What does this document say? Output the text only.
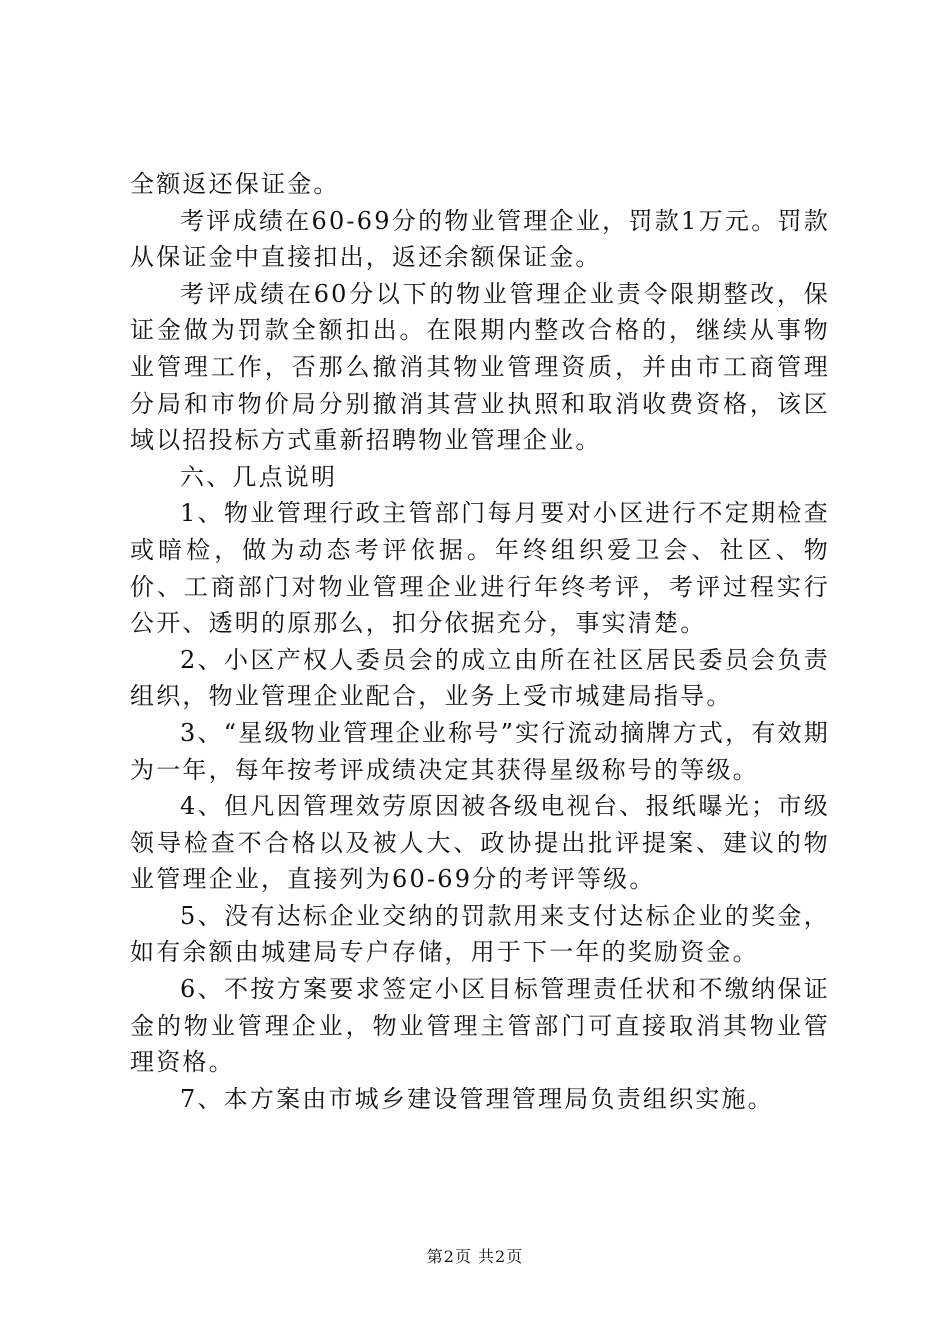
全额返还保证金。

考评成绩在60-69分的物业管理企业，罚款1万元。罚款从保证金中直接扣出，返还余额保证金。

考评成绩在60分以下的物业管理企业责令限期整改，保证金做为罚款全额扣出。在限期内整改合格的，继续从事物业管理工作，否那么撤消其物业管理资质，并由市工商管理分局和市物价局分别撤消其营业执照和取消收费资格，该区域以招投标方式重新招聘物业管理企业。

六、几点说明

1、物业管理行政主管部门每月要对小区进行不定期检查或暗检，做为动态考评依据。年终组织爱卫会、社区、物价、工商部门对物业管理企业进行年终考评，考评过程实行公开、透明的原那么，扣分依据充分，事实清楚。

2、小区产权人委员会的成立由所在社区居民委员会负责组织，物业管理企业配合，业务上受市城建局指导。

3、“星级物业管理企业称号”实行流动摘牌方式，有效期为一年，每年按考评成绩决定其获得星级称号的等级。

4、但凡因管理效劳原因被各级电视台、报纸曝光；市级领导检查不合格以及被人大、政协提出批评提案、建议的物业管理企业，直接列为60-69分的考评等级。

5、没有达标企业交纳的罚款用来支付达标企业的奖金，如有余额由城建局专户存储，用于下一年的奖励资金。

6、不按方案要求签定小区目标管理责任状和不缴纳保证金的物业管理企业，物业管理主管部门可直接取消其物业管理资格。

7、本方案由市城乡建设管理管理局负责组织实施。

第2页 共2页
